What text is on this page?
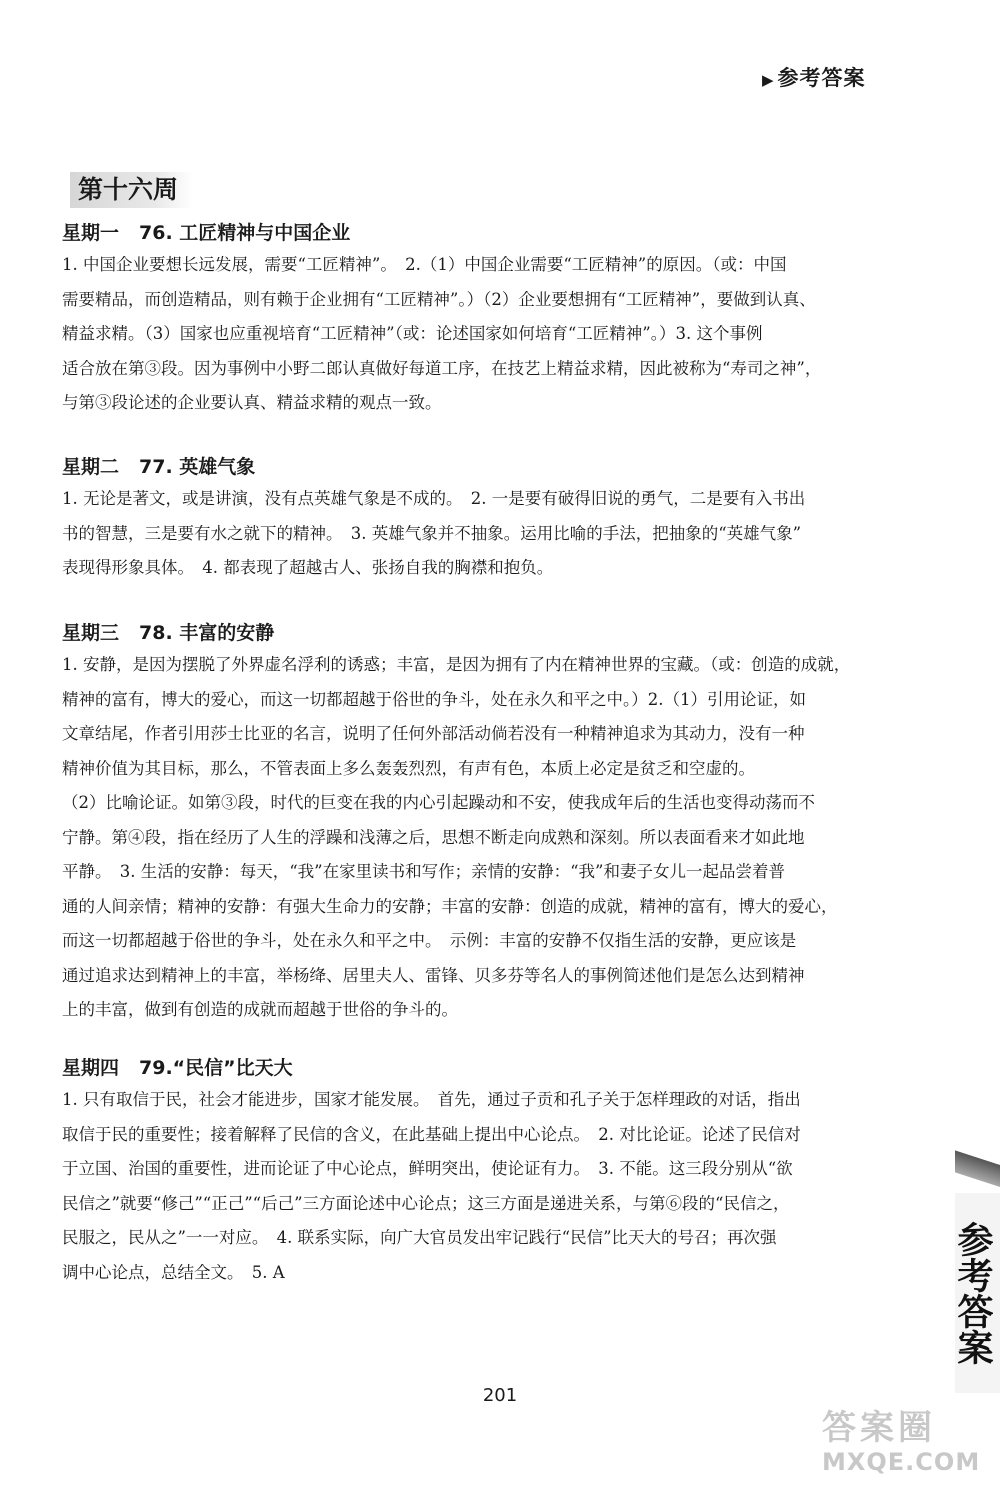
▶ 参考答案
第十六周
星期一 76. 工匠精神与中国企业
1. 中国企业要想长远发展，需要“工匠精神”。　2.（1）中国企业需要“工匠精神”的原因。（或：中国
需要精品，而创造精品，则有赖于企业拥有“工匠精神”。）（2）企业要想拥有“工匠精神”，要做到认真、
精益求精。（3）国家也应重视培育“工匠精神”（或：论述国家如何培育“工匠精神”。）3. 这个事例
适合放在第③段。因为事例中小野二郎认真做好每道工序，在技艺上精益求精，因此被称为“寿司之神”，
与第③段论述的企业要认真、精益求精的观点一致。
星期二 77. 英雄气象
1. 无论是著文，或是讲演，没有点英雄气象是不成的。　2. 一是要有破得旧说的勇气，二是要有入书出
书的智慧，三是要有水之就下的精神。　3. 英雄气象并不抽象。运用比喻的手法，把抽象的“英雄气象”
表现得形象具体。　4. 都表现了超越古人、张扬自我的胸襟和抱负。
星期三 78. 丰富的安静
1. 安静，是因为摆脱了外界虚名浮利的诱惑；丰富，是因为拥有了内在精神世界的宝藏。（或：创造的成就，
精神的富有，博大的爱心，而这一切都超越于俗世的争斗，处在永久和平之中。）2.（1）引用论证，如
文章结尾，作者引用莎士比亚的名言，说明了任何外部活动倘若没有一种精神追求为其动力，没有一种
精神价值为其目标，那么，不管表面上多么轰轰烈烈，有声有色，本质上必定是贫乏和空虚的。
（2）比喻论证。如第③段，时代的巨变在我的内心引起躁动和不安，使我成年后的生活也变得动荡而不
宁静。第④段，指在经历了人生的浮躁和浅薄之后，思想不断走向成熟和深刻。所以表面看来才如此地
平静。　3. 生活的安静：每天，“我”在家里读书和写作；亲情的安静：“我”和妻子女儿一起品尝着普
通的人间亲情；精神的安静：有强大生命力的安静；丰富的安静：创造的成就，精神的富有，博大的爱心，
而这一切都超越于俗世的争斗，处在永久和平之中。　示例：丰富的安静不仅指生活的安静，更应该是
通过追求达到精神上的丰富，举杨绛、居里夫人、雷锋、贝多芬等名人的事例简述他们是怎么达到精神
上的丰富，做到有创造的成就而超越于世俗的争斗的。
星期四 79.“民信”比天大
1. 只有取信于民，社会才能进步，国家才能发展。　首先，通过子贡和孔子关于怎样理政的对话，指出
取信于民的重要性；接着解释了民信的含义，在此基础上提出中心论点。　2. 对比论证。论述了民信对
于立国、治国的重要性，进而论证了中心论点，鲜明突出，使论证有力。　3. 不能。这三段分别从“欲
民信之”就要“修己”“正己”“后己”三方面论述中心论点；这三方面是递进关系，与第⑥段的“民信之，
民服之，民从之”一一对应。　4. 联系实际，向广大官员发出牢记践行“民信”比天大的号召；再次强
调中心论点，总结全文。　5. A	参考答案
201
答案圈
MXQE.COM
